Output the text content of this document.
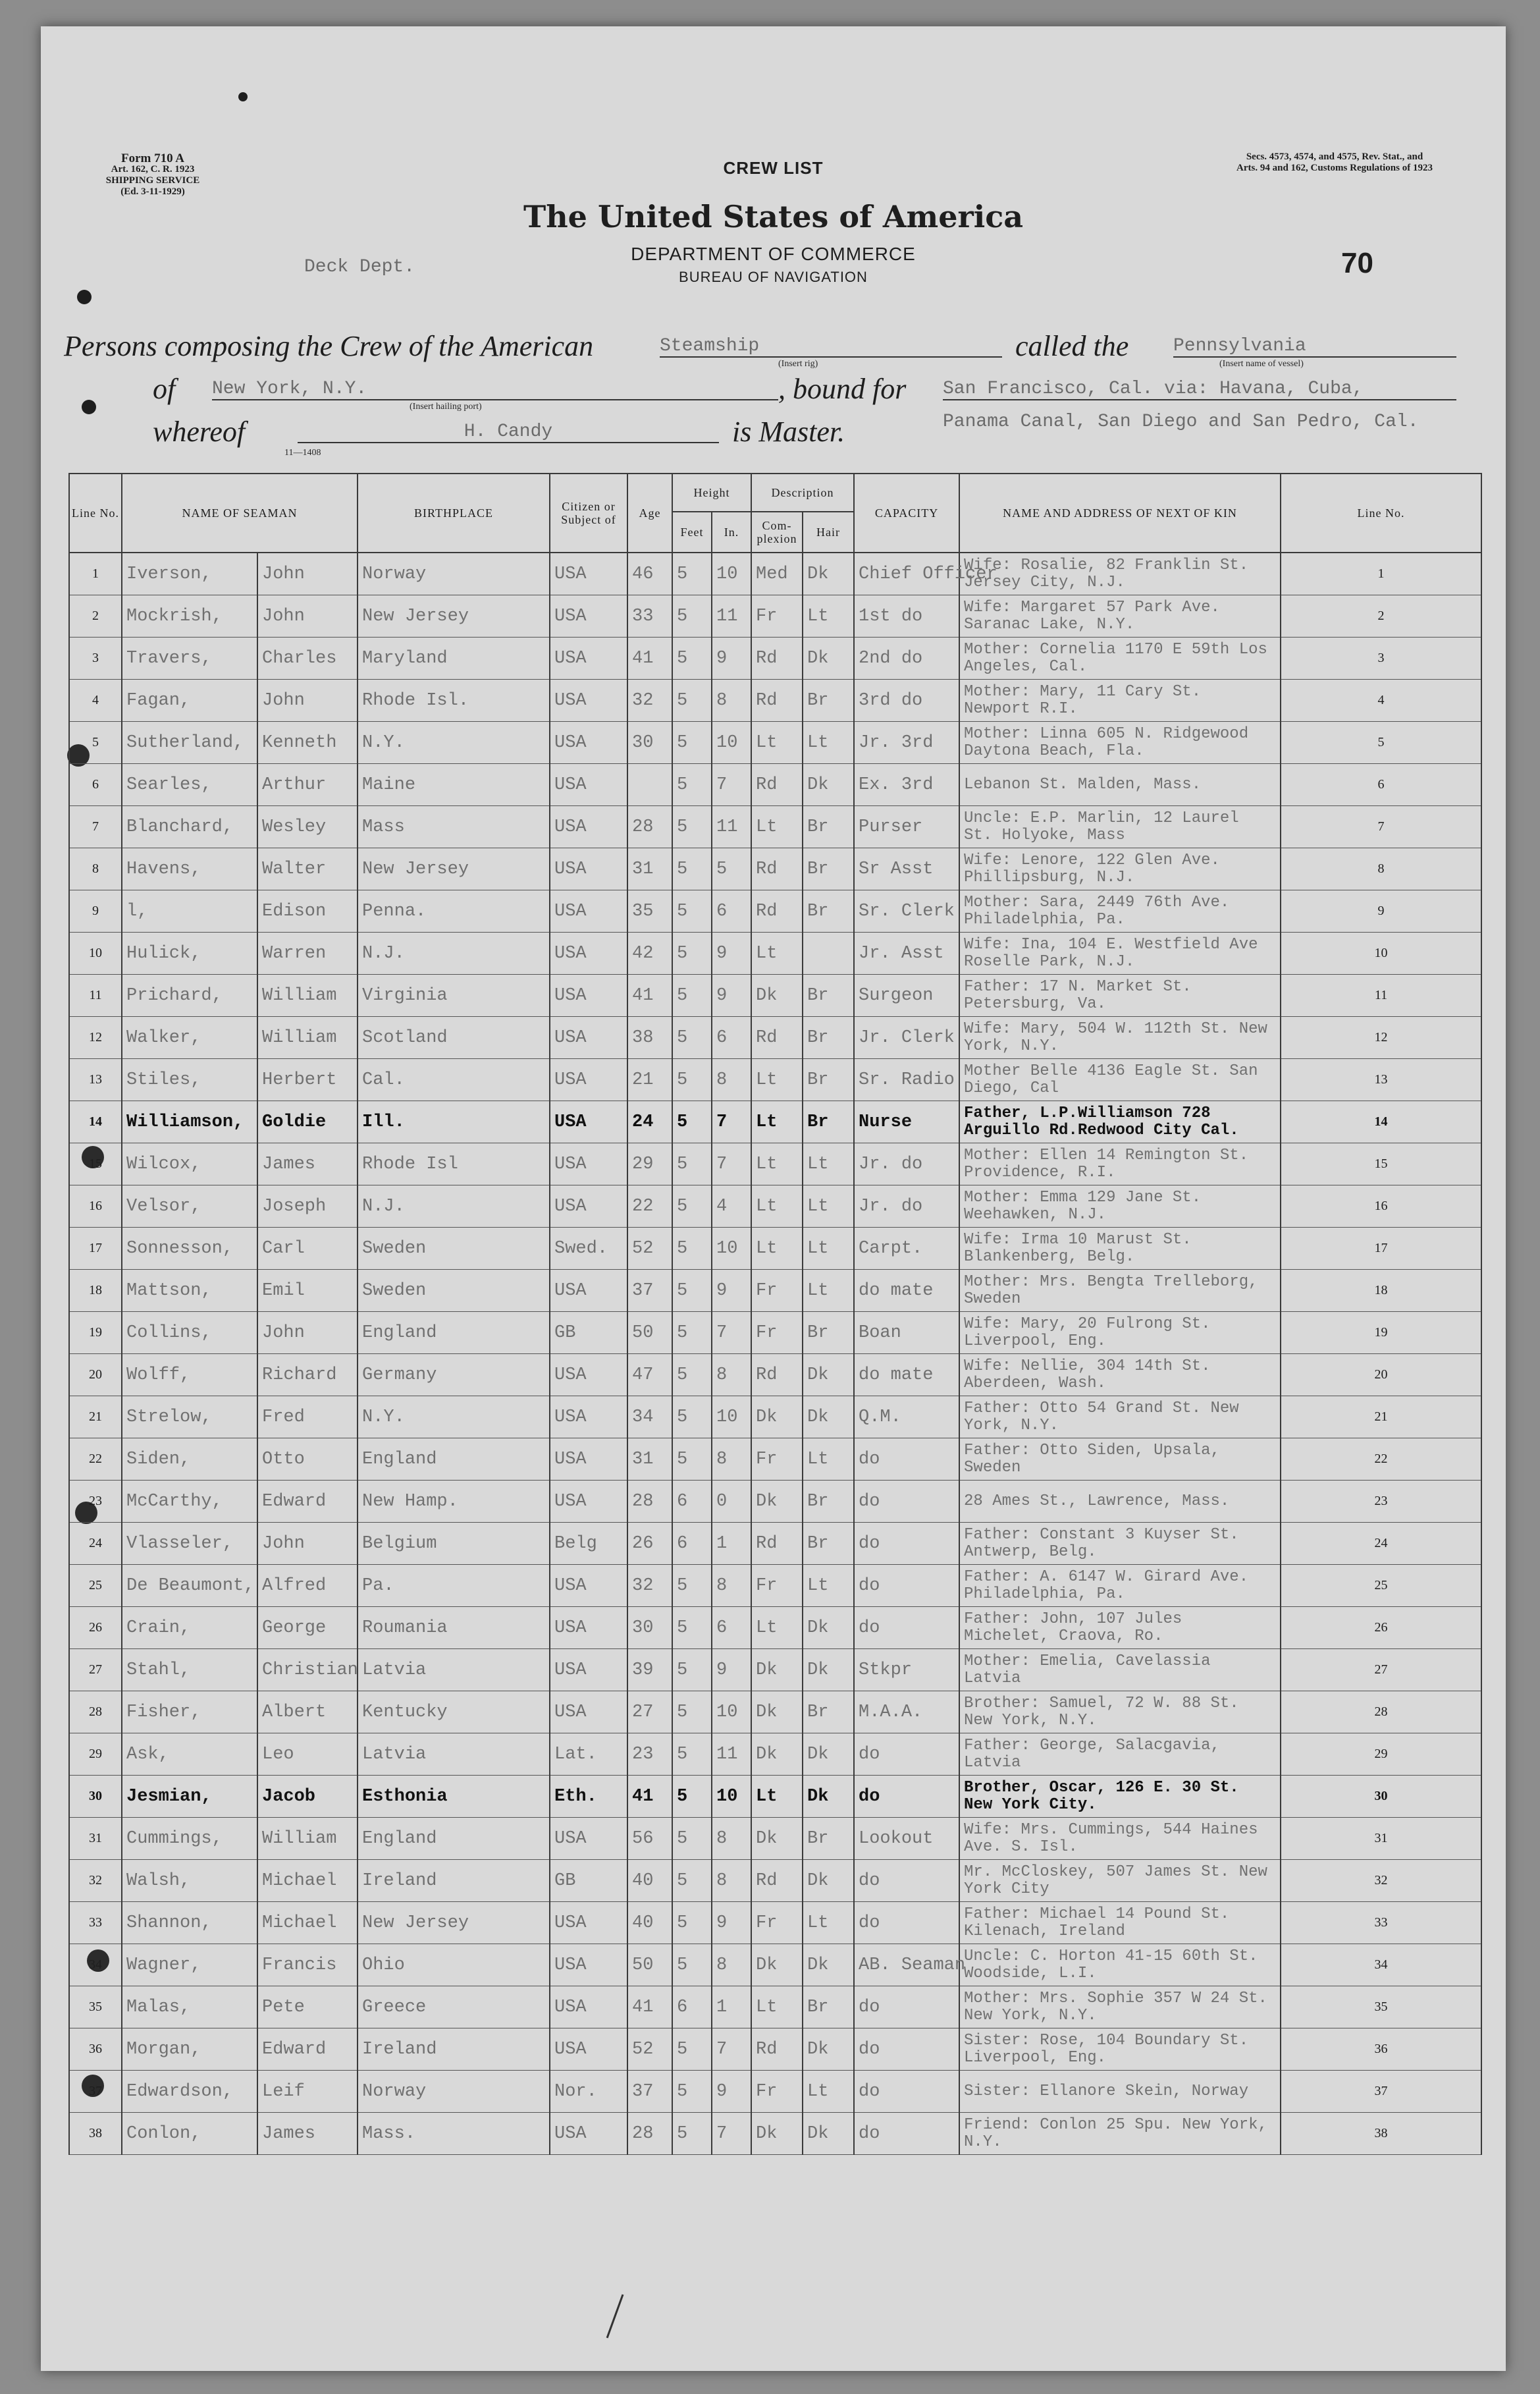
Form 710 A
Art. 162, C. R. 1923
SHIPPING SERVICE
(Ed. 3-11-1929)
Secs. 4573, 4574, and 4575, Rev. Stat., and
Arts. 94 and 162, Customs Regulations of 1923
CREW LIST
The United States of America
DEPARTMENT OF COMMERCE
BUREAU OF NAVIGATION
Deck Dept.	70
Persons composing the Crew of the American	Steamship
(Insert rig)
called the Pennsylvania
(Insert name of vessel)
of New York, N.Y.
(Insert hailing port)
, bound for San Francisco, Cal. via: Havana, Cuba,
whereof	H. Candy	is Master.	Panama Canal, San Diego and San Pedro, Cal.
11—1408
Line No.	NAME OF SEAMAN		BIRTHPLACE	Citizen or Subject of	Age	Height		Description		CAPACITY	NAME AND ADDRESS OF NEXT OF KIN	Line No.
						Feet	In.	Com- plexion	Hair			
1	Iverson,	John	Norway	USA	46	5	10	Med	Dk	Chief Officer	Wife: Rosalie, 82 Franklin St. Jersey City, N.J.	1
2	Mockrish,	John	New Jersey	USA	33	5	11	Fr	Lt	1st do	Wife: Margaret 57 Park Ave. Saranac Lake, N.Y.	2
3	Travers,	Charles	Maryland	USA	41	5	9	Rd	Dk	2nd do	Mother: Cornelia 1170 E 59th Los Angeles, Cal.	3
4	Fagan,	John	Rhode Isl.	USA	32	5	8	Rd	Br	3rd do	Mother: Mary, 11 Cary St. Newport R.I.	4
5	Sutherland,	Kenneth	N.Y.	USA	30	5	10	Lt	Lt	Jr. 3rd	Mother: Linna 605 N. Ridgewood Daytona Beach, Fla.	5
6	Searles,	Arthur	Maine	USA		5	7	Rd	Dk	Ex. 3rd	Lebanon St. Malden, Mass.	6
7	Blanchard,	Wesley	Mass	USA	28	5	11	Lt	Br	Purser	Uncle: E.P. Marlin, 12 Laurel St. Holyoke, Mass	7
8	Havens,	Walter	New Jersey	USA	31	5	5	Rd	Br	Sr Asst	Wife: Lenore, 122 Glen Ave. Phillipsburg, N.J.	8
9	l,	Edison	Penna.	USA	35	5	6	Rd	Br	Sr. Clerk	Mother: Sara, 2449 76th Ave. Philadelphia, Pa.	9
10	Hulick,	Warren	N.J.	USA	42	5	9	Lt		Jr. Asst	Wife: Ina, 104 E. Westfield Ave Roselle Park, N.J.	10
11	Prichard,	William	Virginia	USA	41	5	9	Dk	Br	Surgeon	Father: 17 N. Market St. Petersburg, Va.	11
12	Walker,	William	Scotland	USA	38	5	6	Rd	Br	Jr. Clerk	Wife: Mary, 504 W. 112th St. New York, N.Y.	12
13	Stiles,	Herbert	Cal.	USA	21	5	8	Lt	Br	Sr. Radio	Mother Belle 4136 Eagle St. San Diego, Cal	13
14	Williamson,	Goldie	Ill.	USA	24	5	7	Lt	Br	Nurse	Father, L.P.Williamson 728 Arguillo Rd.Redwood City Cal.	14
15	Wilcox,	James	Rhode Isl	USA	29	5	7	Lt	Lt	Jr. do	Mother: Ellen 14 Remington St. Providence, R.I.	15
16	Velsor,	Joseph	N.J.	USA	22	5	4	Lt	Lt	Jr. do	Mother: Emma 129 Jane St. Weehawken, N.J.	16
17	Sonnesson,	Carl	Sweden	Swed.	52	5	10	Lt	Lt	Carpt.	Wife: Irma 10 Marust St. Blankenberg, Belg.	17
18	Mattson,	Emil	Sweden	USA	37	5	9	Fr	Lt	do mate	Mother: Mrs. Bengta Trelleborg, Sweden	18
19	Collins,	John	England	GB	50	5	7	Fr	Br	Boan	Wife: Mary, 20 Fulrong St. Liverpool, Eng.	19
20	Wolff,	Richard	Germany	USA	47	5	8	Rd	Dk	do mate	Wife: Nellie, 304 14th St. Aberdeen, Wash.	20
21	Strelow,	Fred	N.Y.	USA	34	5	10	Dk	Dk	Q.M.	Father: Otto 54 Grand St. New York, N.Y.	21
22	Siden,	Otto	England	USA	31	5	8	Fr	Lt	do	Father: Otto Siden, Upsala, Sweden	22
23	McCarthy,	Edward	New Hamp.	USA	28	6	0	Dk	Br	do	28 Ames St., Lawrence, Mass.	23
24	Vlasseler,	John	Belgium	Belg	26	6	1	Rd	Br	do	Father: Constant 3 Kuyser St. Antwerp, Belg.	24
25	De Beaumont,	Alfred	Pa.	USA	32	5	8	Fr	Lt	do	Father: A. 6147 W. Girard Ave. Philadelphia, Pa.	25
26	Crain,	George	Roumania	USA	30	5	6	Lt	Dk	do	Father: John, 107 Jules Michelet, Craova, Ro.	26
27	Stahl,	Christian	Latvia	USA	39	5	9	Dk	Dk	Stkpr	Mother: Emelia, Cavelassia Latvia	27
28	Fisher,	Albert	Kentucky	USA	27	5	10	Dk	Br	M.A.A.	Brother: Samuel, 72 W. 88 St. New York, N.Y.	28
29	Ask,	Leo	Latvia	Lat.	23	5	11	Dk	Dk	do	Father: George, Salacgavia, Latvia	29
30	Jesmian,	Jacob	Esthonia	Eth.	41	5	10	Lt	Dk	do	Brother, Oscar, 126 E. 30 St. New York City.	30
31	Cummings,	William	England	USA	56	5	8	Dk	Br	Lookout	Wife: Mrs. Cummings, 544 Haines Ave. S. Isl.	31
32	Walsh,	Michael	Ireland	GB	40	5	8	Rd	Dk	do	Mr. McCloskey, 507 James St. New York City	32
33	Shannon,	Michael	New Jersey	USA	40	5	9	Fr	Lt	do	Father: Michael 14 Pound St. Kilenach, Ireland	33
34	Wagner,	Francis	Ohio	USA	50	5	8	Dk	Dk	AB. Seaman	Uncle: C. Horton 41-15 60th St. Woodside, L.I.	34
35	Malas,	Pete	Greece	USA	41	6	1	Lt	Br	do	Mother: Mrs. Sophie 357 W 24 St. New York, N.Y.	35
36	Morgan,	Edward	Ireland	USA	52	5	7	Rd	Dk	do	Sister: Rose, 104 Boundary St. Liverpool, Eng.	36
37	Edwardson,	Leif	Norway	Nor.	37	5	9	Fr	Lt	do	Sister: Ellanore Skein, Norway	37
38	Conlon,	James	Mass.	USA	28	5	7	Dk	Dk	do	Friend: Conlon 25 Spu. New York, N.Y.	38
